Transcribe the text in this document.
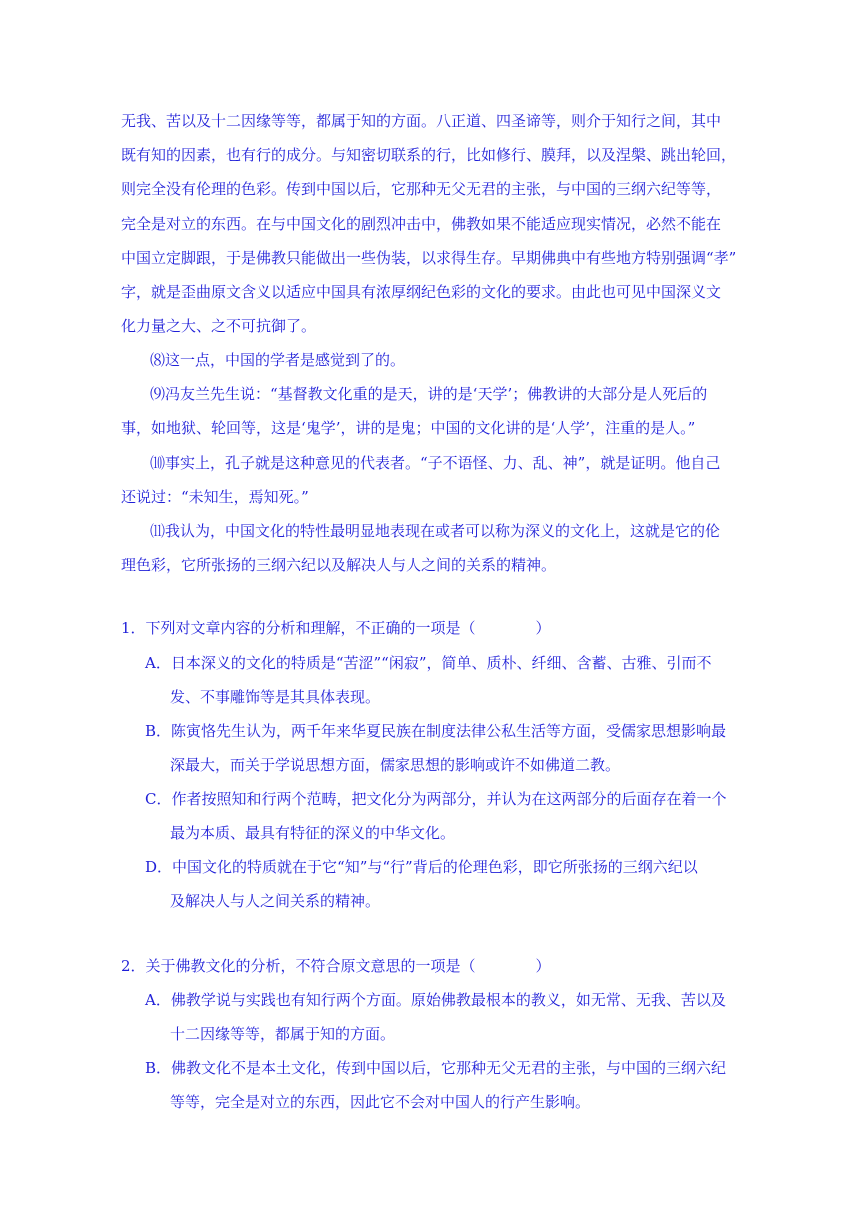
无我、苦以及十二因缘等等，都属于知的方面。八正道、四圣谛等，则介于知行之间，其中
既有知的因素，也有行的成分。与知密切联系的行，比如修行、膜拜，以及涅槃、跳出轮回，
则完全没有伦理的色彩。传到中国以后，它那种无父无君的主张，与中国的三纲六纪等等，
完全是对立的东西。在与中国文化的剧烈冲击中，佛教如果不能适应现实情况，必然不能在
中国立定脚跟，于是佛教只能做出一些伪装，以求得生存。早期佛典中有些地方特别强调“孝”
字，就是歪曲原文含义以适应中国具有浓厚纲纪色彩的文化的要求。由此也可见中国深义文
化力量之大、之不可抗御了。
⑻这一点，中国的学者是感觉到了的。
⑼冯友兰先生说：“基督教文化重的是天，讲的是‘天学’；佛教讲的大部分是人死后的
事，如地狱、轮回等，这是‘鬼学’，讲的是鬼；中国的文化讲的是‘人学’，注重的是人。”
⑽事实上，孔子就是这种意见的代表者。“子不语怪、力、乱、神”，就是证明。他自己
还说过：“未知生，焉知死。”
⑾我认为，中国文化的特性最明显地表现在或者可以称为深义的文化上，这就是它的伦
理色彩，它所张扬的三纲六纪以及解决人与人之间的关系的精神。
1．下列对文章内容的分析和理解，不正确的一项是（　　　　）
A．日本深义的文化的特质是“苦涩”“闲寂”，简单、质朴、纤细、含蓄、古雅、引而不
发、不事雕饰等是其具体表现。
B．陈寅恪先生认为，两千年来华夏民族在制度法律公私生活等方面，受儒家思想影响最
深最大，而关于学说思想方面，儒家思想的影响或许不如佛道二教。
C．作者按照知和行两个范畴，把文化分为两部分，并认为在这两部分的后面存在着一个
最为本质、最具有特征的深义的中华文化。
D．中国文化的特质就在于它“知”与“行”背后的伦理色彩，即它所张扬的三纲六纪以
及解决人与人之间关系的精神。
2．关于佛教文化的分析，不符合原文意思的一项是（　　　　）
A．佛教学说与实践也有知行两个方面。原始佛教最根本的教义，如无常、无我、苦以及
十二因缘等等，都属于知的方面。
B．佛教文化不是本土文化，传到中国以后，它那种无父无君的主张，与中国的三纲六纪
等等，完全是对立的东西，因此它不会对中国人的行产生影响。
